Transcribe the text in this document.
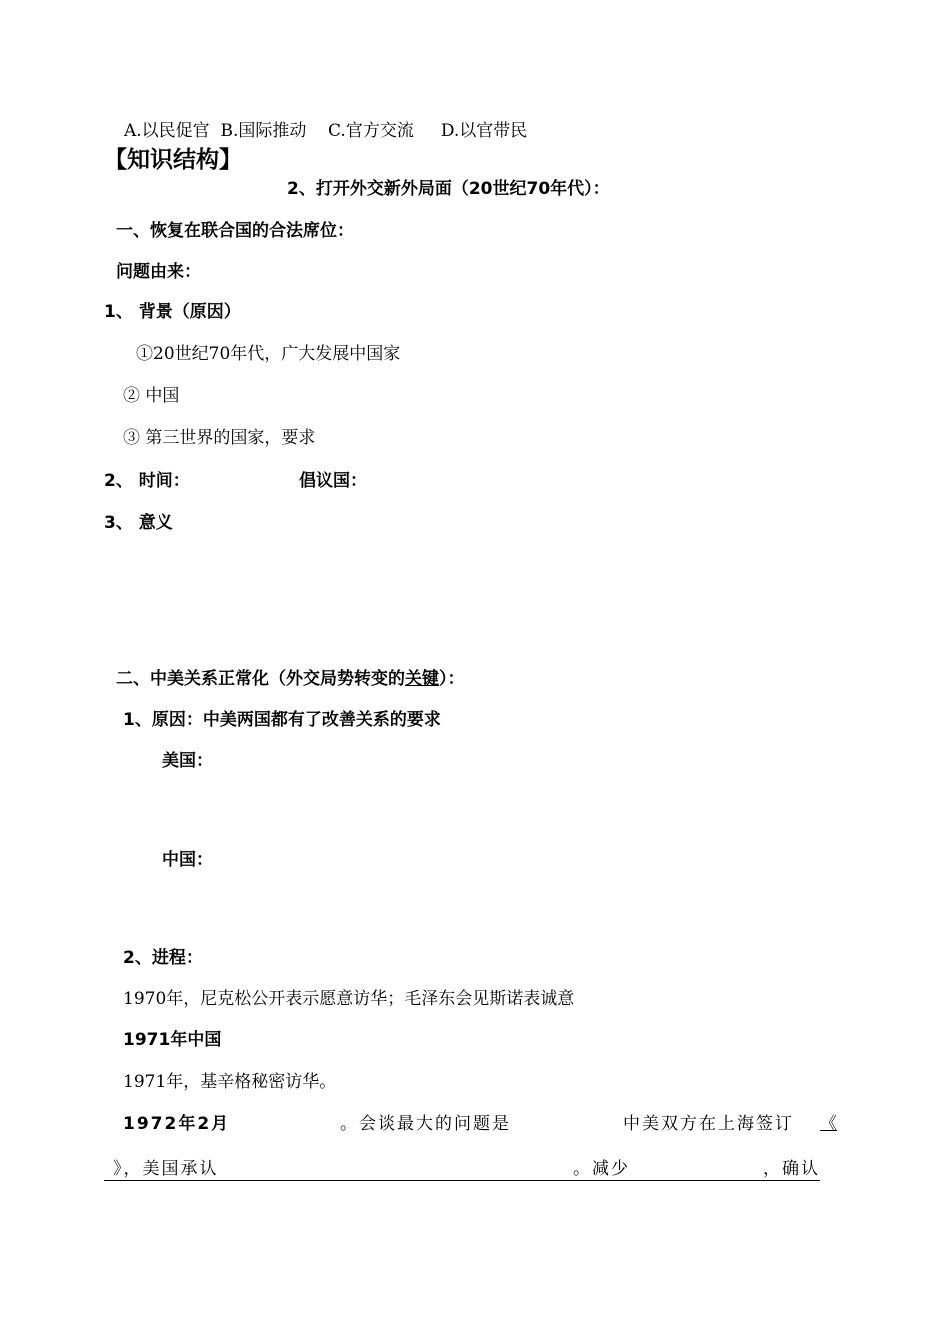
A.以民促官 B.国际推动 C.官方交流 D.以官带民
【知识结构】
2、打开外交新外局面（20世纪70年代）：
一、恢复在联合国的合法席位：
问题由来：
1、 背景（原因）
①20世纪70年代，广大发展中国家
② 中国
③ 第三世界的国家，要求
2、 时间：	倡议国：
3、 意义
二、中美关系正常化（外交局势转变的关键）：
1、原因：中美两国都有了改善关系的要求
美国：
中国：
2、进程：
1970年，尼克松公开表示愿意访华；毛泽东会见斯诺表诚意
1971年中国
1971年，基辛格秘密访华。
1972年2月	。会谈最大的问题是	中美双方在上海签订 《
》，美国承认	。减少	，确认
